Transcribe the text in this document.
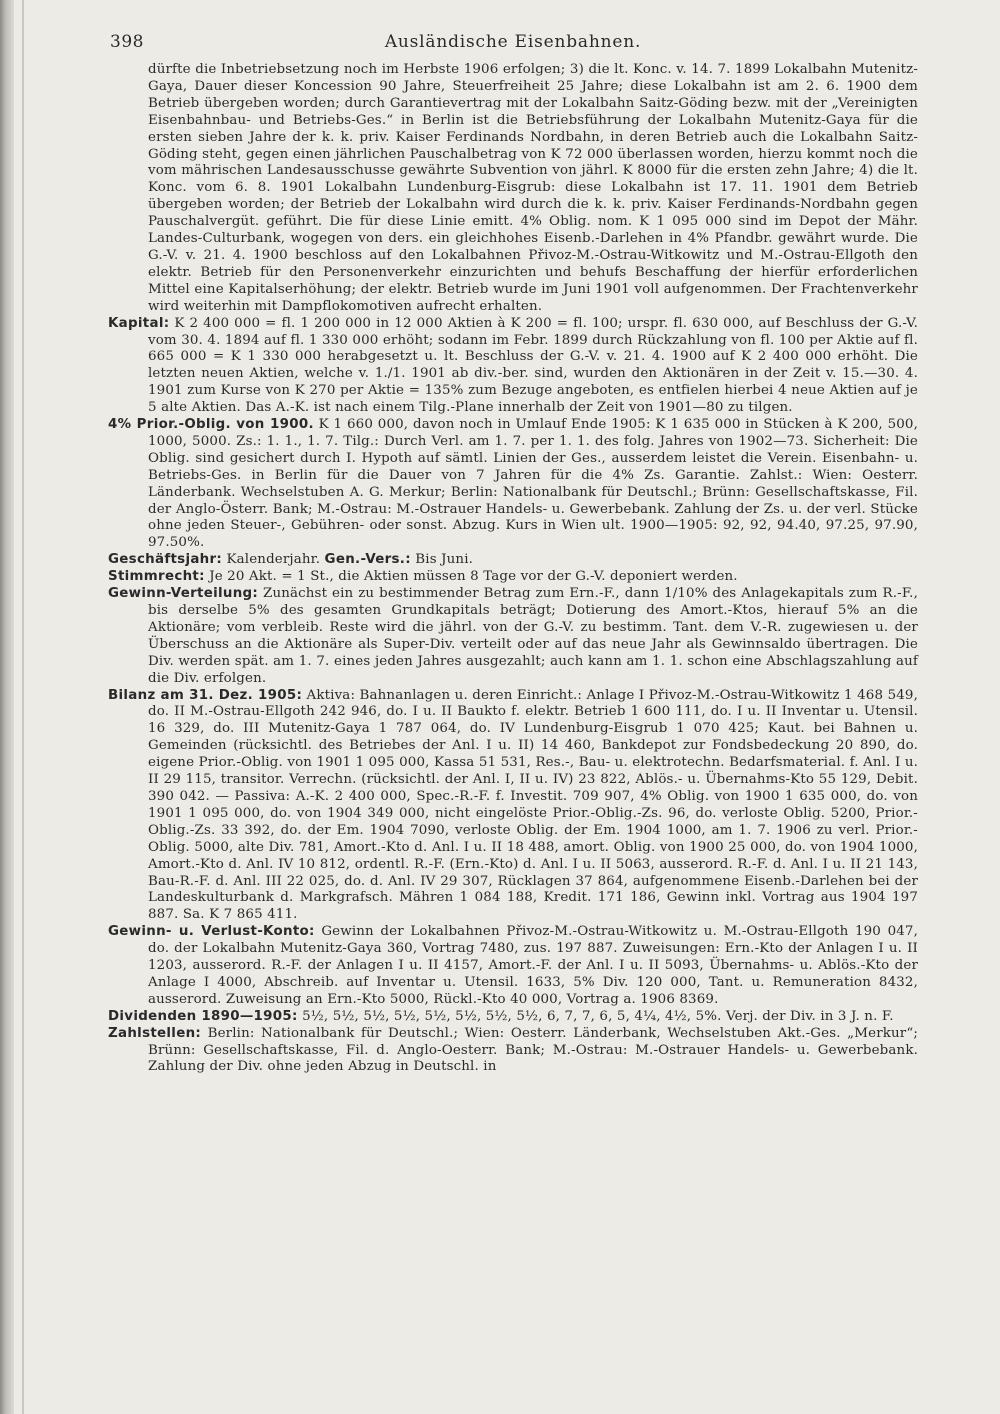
398	Ausländische Eisenbahnen.

dürfte die Inbetriebsetzung noch im Herbste 1906 erfolgen; 3) die lt. Konc. v. 14. 7. 1899 Lokalbahn Mutenitz-Gaya, Dauer dieser Koncession 90 Jahre, Steuerfreiheit 25 Jahre; diese Lokalbahn ist am 2. 6. 1900 dem Betrieb übergeben worden; durch Garantievertrag mit der Lokalbahn Saitz-Göding bezw. mit der „Vereinigten Eisenbahnbau- und Betriebs-Ges.“ in Berlin ist die Betriebsführung der Lokalbahn Mutenitz-Gaya für die ersten sieben Jahre der k. k. priv. Kaiser Ferdinands Nordbahn, in deren Betrieb auch die Lokalbahn Saitz-Göding steht, gegen einen jährlichen Pauschalbetrag von K 72 000 überlassen worden, hierzu kommt noch die vom mährischen Landesausschusse gewährte Subvention von jährl. K 8000 für die ersten zehn Jahre; 4) die lt. Konc. vom 6. 8. 1901 Lokalbahn Lundenburg-Eisgrub: diese Lokalbahn ist 17. 11. 1901 dem Betrieb übergeben worden; der Betrieb der Lokalbahn wird durch die k. k. priv. Kaiser Ferdinands-Nordbahn gegen Pauschalvergüt. geführt. Die für diese Linie emitt. 4% Oblig. nom. K 1 095 000 sind im Depot der Mähr. Landes-Culturbank, wogegen von ders. ein gleichhohes Eisenb.-Darlehen in 4% Pfandbr. gewährt wurde. Die G.-V. v. 21. 4. 1900 beschloss auf den Lokalbahnen Přivoz-M.-Ostrau-Witkowitz und M.-Ostrau-Ellgoth den elektr. Betrieb für den Personenverkehr einzurichten und behufs Beschaffung der hierfür erforderlichen Mittel eine Kapitalserhöhung; der elektr. Betrieb wurde im Juni 1901 voll aufgenommen. Der Frachtenverkehr wird weiterhin mit Dampflokomotiven aufrecht erhalten.

Kapital: K 2 400 000 = fl. 1 200 000 in 12 000 Aktien à K 200 = fl. 100; urspr. fl. 630 000, auf Beschluss der G.-V. vom 30. 4. 1894 auf fl. 1 330 000 erhöht; sodann im Febr. 1899 durch Rückzahlung von fl. 100 per Aktie auf fl. 665 000 = K 1 330 000 herabgesetzt u. lt. Beschluss der G.-V. v. 21. 4. 1900 auf K 2 400 000 erhöht. Die letzten neuen Aktien, welche v. 1./1. 1901 ab div.-ber. sind, wurden den Aktionären in der Zeit v. 15.—30. 4. 1901 zum Kurse von K 270 per Aktie = 135% zum Bezuge angeboten, es entfielen hierbei 4 neue Aktien auf je 5 alte Aktien. Das A.-K. ist nach einem Tilg.-Plane innerhalb der Zeit von 1901—80 zu tilgen.

4% Prior.-Oblig. von 1900. K 1 660 000, davon noch in Umlauf Ende 1905: K 1 635 000 in Stücken à K 200, 500, 1000, 5000. Zs.: 1. 1., 1. 7. Tilg.: Durch Verl. am 1. 7. per 1. 1. des folg. Jahres von 1902—73. Sicherheit: Die Oblig. sind gesichert durch I. Hypoth auf sämtl. Linien der Ges., ausserdem leistet die Verein. Eisenbahn- u. Betriebs-Ges. in Berlin für die Dauer von 7 Jahren für die 4% Zs. Garantie. Zahlst.: Wien: Oesterr. Länderbank. Wechselstuben A. G. Merkur; Berlin: Nationalbank für Deutschl.; Brünn: Gesellschaftskasse, Fil. der Anglo-Österr. Bank; M.-Ostrau: M.-Ostrauer Handels- u. Gewerbebank. Zahlung der Zs. u. der verl. Stücke ohne jeden Steuer-, Gebühren- oder sonst. Abzug. Kurs in Wien ult. 1900—1905: 92, 92, 94.40, 97.25, 97.90, 97.50%.

Geschäftsjahr: Kalenderjahr. Gen.-Vers.: Bis Juni.

Stimmrecht: Je 20 Akt. = 1 St., die Aktien müssen 8 Tage vor der G.-V. deponiert werden.

Gewinn-Verteilung: Zunächst ein zu bestimmender Betrag zum Ern.-F., dann 1/10% des Anlagekapitals zum R.-F., bis derselbe 5% des gesamten Grundkapitals beträgt; Dotierung des Amort.-Ktos, hierauf 5% an die Aktionäre; vom verbleib. Reste wird die jährl. von der G.-V. zu bestimm. Tant. dem V.-R. zugewiesen u. der Überschuss an die Aktionäre als Super-Div. verteilt oder auf das neue Jahr als Gewinnsaldo übertragen. Die Div. werden spät. am 1. 7. eines jeden Jahres ausgezahlt; auch kann am 1. 1. schon eine Abschlagszahlung auf die Div. erfolgen.

Bilanz am 31. Dez. 1905: Aktiva: Bahnanlagen u. deren Einricht.: Anlage I Přivoz-M.-Ostrau-Witkowitz 1 468 549, do. II M.-Ostrau-Ellgoth 242 946, do. I u. II Baukto f. elektr. Betrieb 1 600 111, do. I u. II Inventar u. Utensil. 16 329, do. III Mutenitz-Gaya 1 787 064, do. IV Lundenburg-Eisgrub 1 070 425; Kaut. bei Bahnen u. Gemeinden (rücksichtl. des Betriebes der Anl. I u. II) 14 460, Bankdepot zur Fondsbedeckung 20 890, do. eigene Prior.-Oblig. von 1901 1 095 000, Kassa 51 531, Res.-, Bau- u. elektrotechn. Bedarfsmaterial. f. Anl. I u. II 29 115, transitor. Verrechn. (rücksichtl. der Anl. I, II u. IV) 23 822, Ablös.- u. Übernahms-Kto 55 129, Debit. 390 042. — Passiva: A.-K. 2 400 000, Spec.-R.-F. f. Investit. 709 907, 4% Oblig. von 1900 1 635 000, do. von 1901 1 095 000, do. von 1904 349 000, nicht eingelöste Prior.-Oblig.-Zs. 96, do. verloste Oblig. 5200, Prior.-Oblig.-Zs. 33 392, do. der Em. 1904 7090, verloste Oblig. der Em. 1904 1000, am 1. 7. 1906 zu verl. Prior.-Oblig. 5000, alte Div. 781, Amort.-Kto d. Anl. I u. II 18 488, amort. Oblig. von 1900 25 000, do. von 1904 1000, Amort.-Kto d. Anl. IV 10 812, ordentl. R.-F. (Ern.-Kto) d. Anl. I u. II 5063, ausserord. R.-F. d. Anl. I u. II 21 143, Bau-R.-F. d. Anl. III 22 025, do. d. Anl. IV 29 307, Rücklagen 37 864, aufgenommene Eisenb.-Darlehen bei der Landeskulturbank d. Markgrafsch. Mähren 1 084 188, Kredit. 171 186, Gewinn inkl. Vortrag aus 1904 197 887. Sa. K 7 865 411.

Gewinn- u. Verlust-Konto: Gewinn der Lokalbahnen Přivoz-M.-Ostrau-Witkowitz u. M.-Ostrau-Ellgoth 190 047, do. der Lokalbahn Mutenitz-Gaya 360, Vortrag 7480, zus. 197 887. Zuweisungen: Ern.-Kto der Anlagen I u. II 1203, ausserord. R.-F. der Anlagen I u. II 4157, Amort.-F. der Anl. I u. II 5093, Übernahms- u. Ablös.-Kto der Anlage I 4000, Abschreib. auf Inventar u. Utensil. 1633, 5% Div. 120 000, Tant. u. Remuneration 8432, ausserord. Zuweisung an Ern.-Kto 5000, Rückl.-Kto 40 000, Vortrag a. 1906 8369.

Dividenden 1890—1905: 5½, 5½, 5½, 5½, 5½, 5½, 5½, 5½, 6, 7, 7, 6, 5, 4¼, 4½, 5%. Verj. der Div. in 3 J. n. F.

Zahlstellen: Berlin: Nationalbank für Deutschl.; Wien: Oesterr. Länderbank, Wechselstuben Akt.-Ges. „Merkur“; Brünn: Gesellschaftskasse, Fil. d. Anglo-Oesterr. Bank; M.-Ostrau: M.-Ostrauer Handels- u. Gewerbebank. Zahlung der Div. ohne jeden Abzug in Deutschl. in
